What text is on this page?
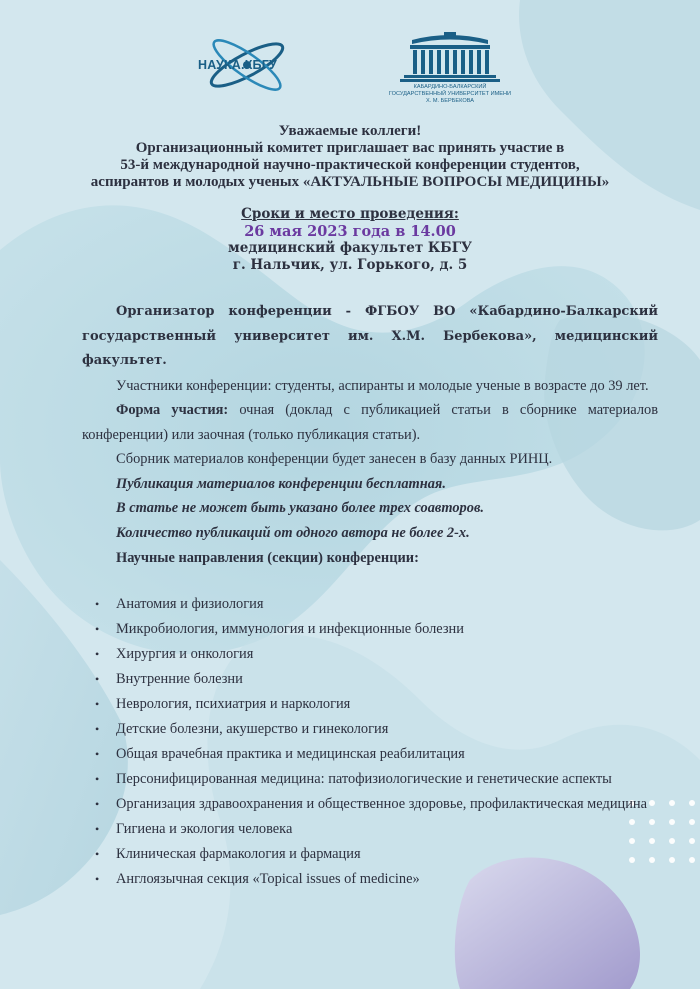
НАУКА.КБГУ
КАБАРДИНО-БАЛКАРСКИЙ ГОСУДАРСТВЕННЫЙ УНИВЕРСИТЕТ ИМЕНИ Х. М. БЕРБЕКОВА
Уважаемые коллеги!
Организационный комитет приглашает вас принять участие в
53-й международной научно-практической конференции студентов,
аспирантов и молодых ученых «АКТУАЛЬНЫЕ ВОПРОСЫ МЕДИЦИНЫ»
Сроки и место проведения:
26 мая 2023 года в 14.00
медицинский факультет КБГУ
г. Нальчик, ул. Горького, д. 5

Организатор конференции - ФГБОУ ВО «Кабардино-Балкарский государственный университет им. Х.М. Бербекова», медицинский факультет.

Участники конференции: студенты, аспиранты и молодые ученые в возрасте до 39 лет.

Форма участия: очная (доклад с публикацией статьи в сборнике материалов конференции) или заочная (только публикация статьи).

Сборник материалов конференции будет занесен в базу данных РИНЦ.

Публикация материалов конференции бесплатная.

В статье не может быть указано более трех соавторов.

Количество публикаций от одного автора не более 2-х.

Научные направления (секции) конференции:

• Анатомия и физиология
• Микробиология, иммунология и инфекционные болезни
• Хирургия и онкология
• Внутренние болезни
• Неврология, психиатрия и наркология
• Детские болезни, акушерство и гинекология
• Общая врачебная практика и медицинская реабилитация
• Персонифицированная медицина: патофизиологические и генетические аспекты
• Организация здравоохранения и общественное здоровье, профилактическая медицина
• Гигиена и экология человека
• Клиническая фармакология и фармация
• Англоязычная секция «Topical issues of medicine»
